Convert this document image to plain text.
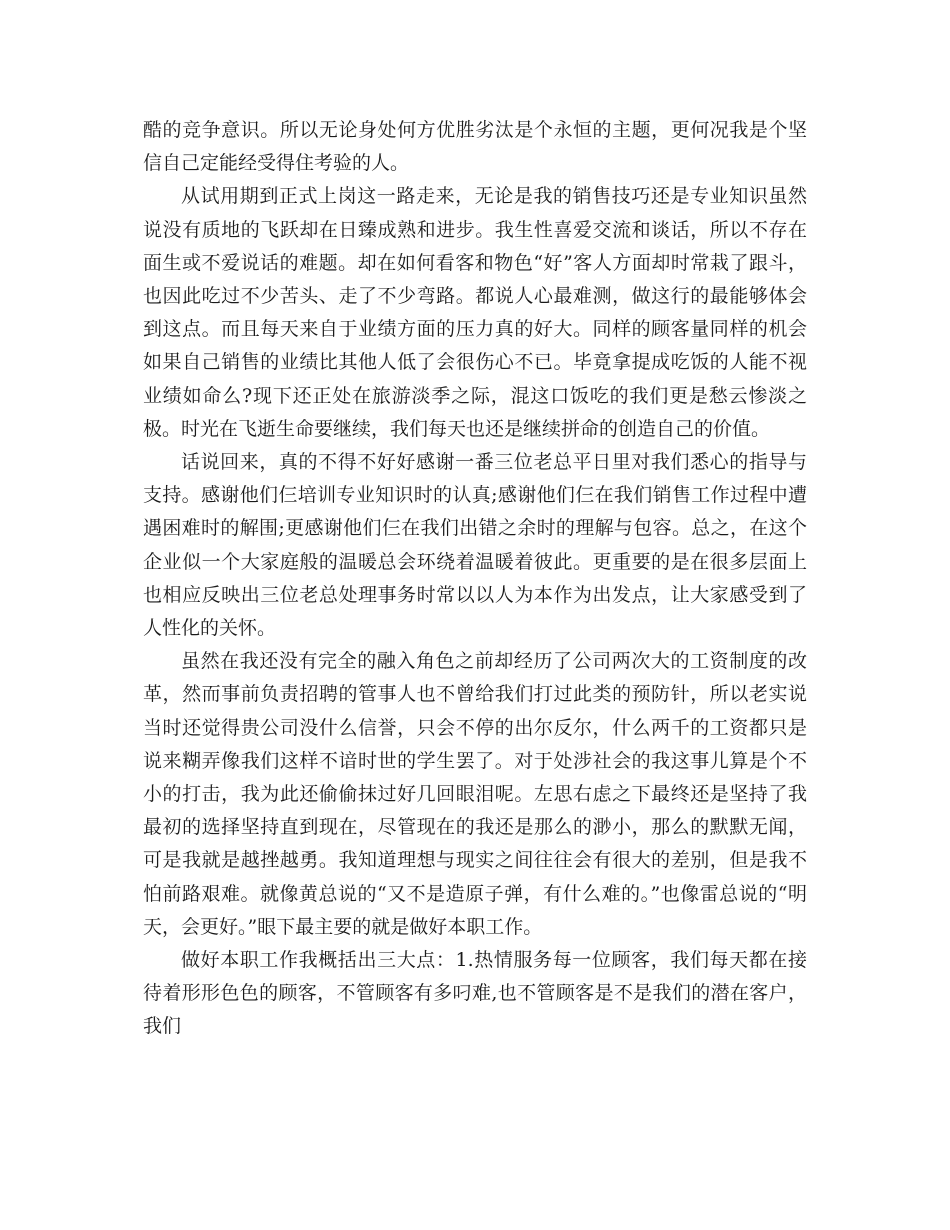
酷的竞争意识。所以无论身处何方优胜劣汰是个永恒的主题，更何况我是个坚信自己定能经受得住考验的人。

从试用期到正式上岗这一路走来，无论是我的销售技巧还是专业知识虽然说没有质地的飞跃却在日臻成熟和进步。我生性喜爱交流和谈话，所以不存在面生或不爱说话的难题。却在如何看客和物色“好”客人方面却时常栽了跟斗，也因此吃过不少苦头、走了不少弯路。都说人心最难测，做这行的最能够体会到这点。而且每天来自于业绩方面的压力真的好大。同样的顾客量同样的机会如果自己销售的业绩比其他人低了会很伤心不已。毕竟拿提成吃饭的人能不视业绩如命么?现下还正处在旅游淡季之际，混这口饭吃的我们更是愁云惨淡之极。时光在飞逝生命要继续，我们每天也还是继续拼命的创造自己的价值。

话说回来，真的不得不好好感谢一番三位老总平日里对我们悉心的指导与支持。感谢他们仨培训专业知识时的认真;感谢他们仨在我们销售工作过程中遭遇困难时的解围;更感谢他们仨在我们出错之余时的理解与包容。总之，在这个企业似一个大家庭般的温暖总会环绕着温暖着彼此。更重要的是在很多层面上也相应反映出三位老总处理事务时常以以人为本作为出发点，让大家感受到了人性化的关怀。

虽然在我还没有完全的融入角色之前却经历了公司两次大的工资制度的改革，然而事前负责招聘的管事人也不曾给我们打过此类的预防针，所以老实说当时还觉得贵公司没什么信誉，只会不停的出尔反尔，什么两千的工资都只是说来糊弄像我们这样不谙时世的学生罢了。对于处涉社会的我这事儿算是个不小的打击，我为此还偷偷抹过好几回眼泪呢。左思右虑之下最终还是坚持了我最初的选择坚持直到现在，尽管现在的我还是那么的渺小，那么的默默无闻，可是我就是越挫越勇。我知道理想与现实之间往往会有很大的差别，但是我不怕前路艰难。就像黄总说的“又不是造原子弹，有什么难的。”也像雷总说的“明天，会更好。”眼下最主要的就是做好本职工作。

做好本职工作我概括出三大点：1.热情服务每一位顾客，我们每天都在接待着形形色色的顾客，不管顾客有多叼难,也不管顾客是不是我们的潜在客户，我们
